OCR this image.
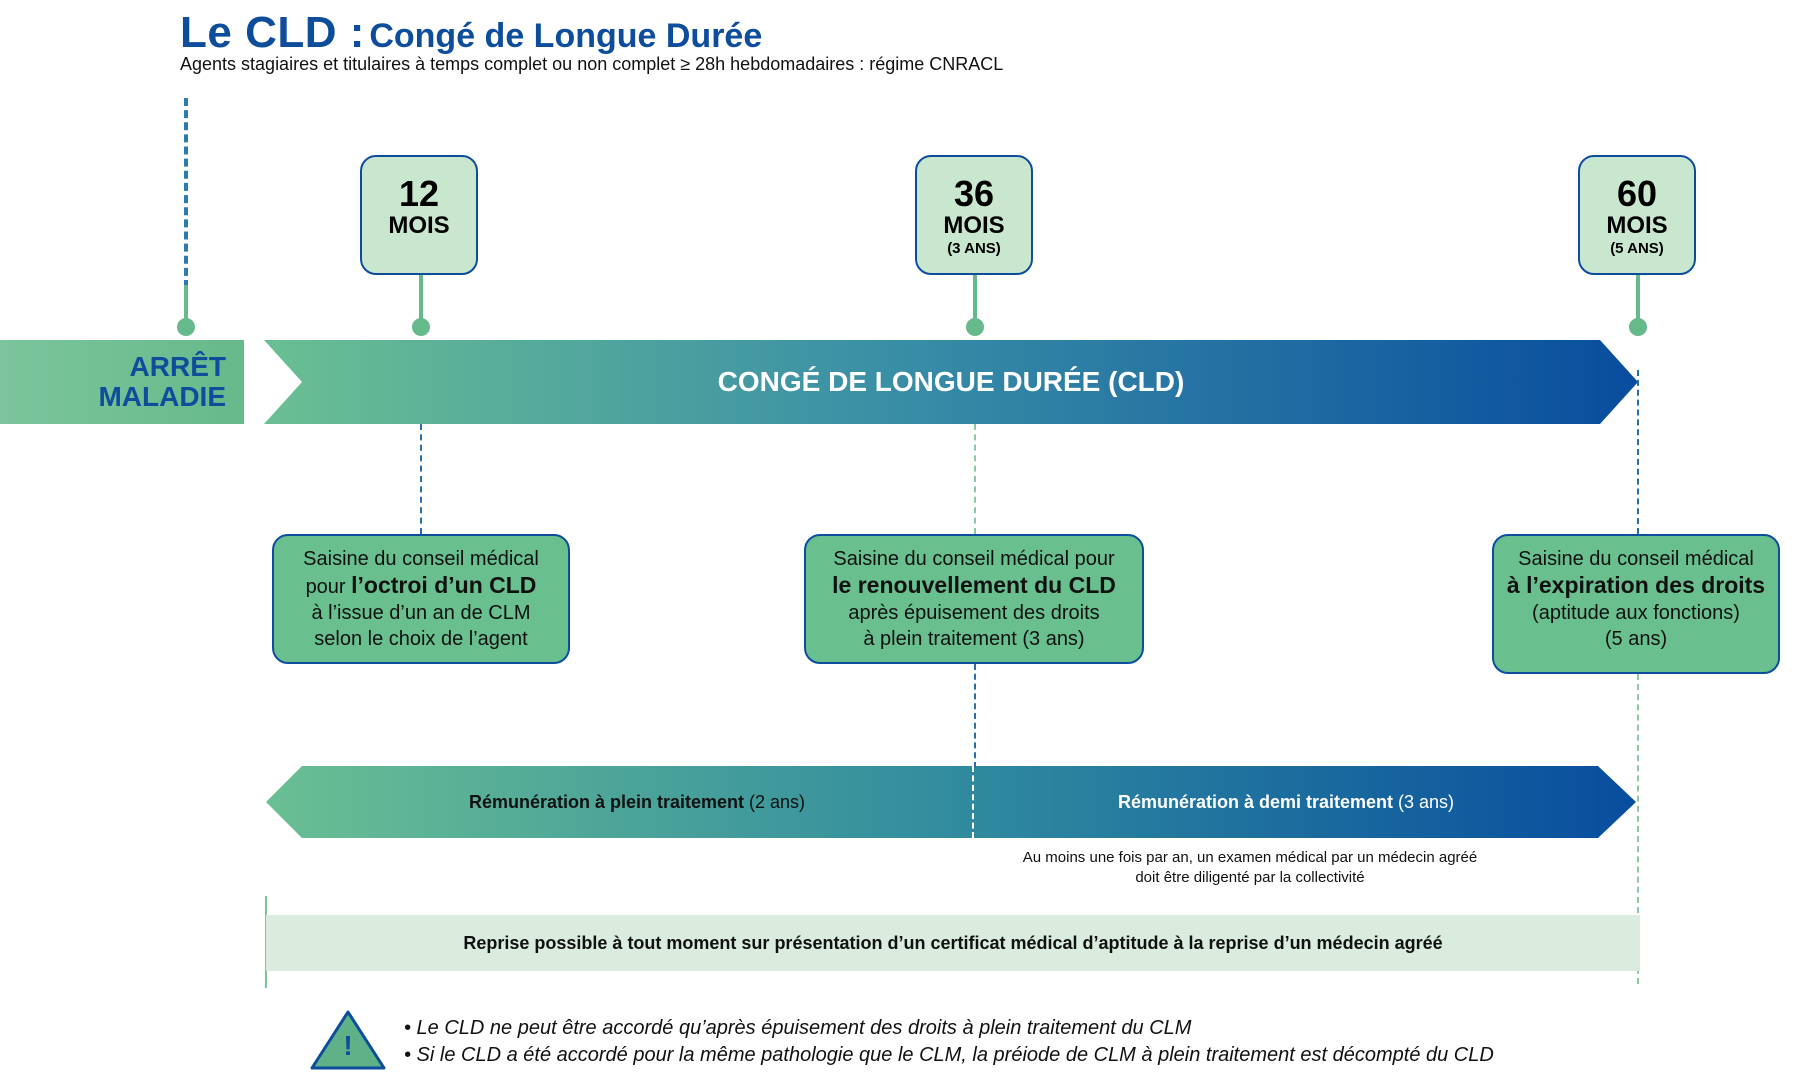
Le CLD : Congé de Longue Durée
Agents stagiaires et titulaires à temps complet ou non complet ≥ 28h hebdomadaires : régime CNRACL
ARRÊT
MALADIE	CONGÉ DE LONGUE DURÉE (CLD)
12
MOIS
36
MOIS
(3 ANS)
60
MOIS
(5 ANS)
Saisine du conseil médical
pour l’octroi d’un CLD
à l’issue d’un an de CLM
selon le choix de l’agent
Saisine du conseil médical pour
le renouvellement du CLD
après épuisement des droits
à plein traitement (3 ans)
Saisine du conseil médical
à l’expiration des droits
(aptitude aux fonctions)
(5 ans)
Rémunération à plein traitement (2 ans)	Rémunération à demi traitement (3 ans)
Au moins une fois par an, un examen médical par un médecin agréé
doit être diligenté par la collectivité
Reprise possible à tout moment sur présentation d’un certificat médical d’aptitude à la reprise d’un médecin agréé
!
• Le CLD ne peut être accordé qu’après épuisement des droits à plein traitement du CLM
• Si le CLD a été accordé pour la même pathologie que le CLM, la préiode de CLM à plein traitement est décompté du CLD
